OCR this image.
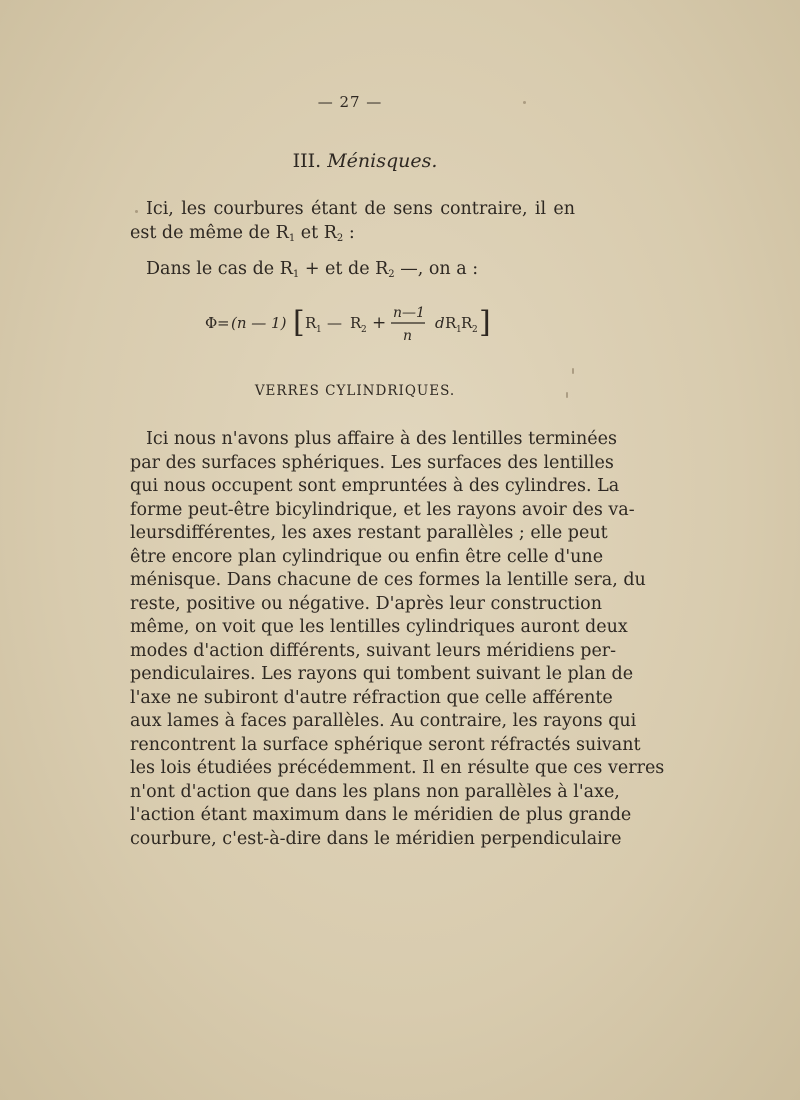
— 27 —
III. Ménisques.
Ici, les courbures étant de sens contraire, il en est de même de $R_1$ et $R_2$ :
Dans le cas de $R_1$ + et de $R_2$ —, on a :
Φ = (n — 1) [ R 1 — R 2 + n—1
n
d R 1 R 2 ]
VERRES CYLINDRIQUES.
Ici nous n'avons plus affaire à des lentilles terminées
par des surfaces sphériques. Les surfaces des lentilles
qui nous occupent sont empruntées à des cylindres. La
forme peut-être bicylindrique, et les rayons avoir des va-
leursdifférentes, les axes restant parallèles ; elle peut
être encore plan cylindrique ou enfin être celle d'une
ménisque. Dans chacune de ces formes la lentille sera, du
reste, positive ou négative. D'après leur construction
même, on voit que les lentilles cylindriques auront deux
modes d'action différents, suivant leurs méridiens per-
pendiculaires. Les rayons qui tombent suivant le plan de
l'axe ne subiront d'autre réfraction que celle afférente
aux lames à faces parallèles. Au contraire, les rayons qui
rencontrent la surface sphérique seront réfractés suivant
les lois étudiées précédemment. Il en résulte que ces verres
n'ont d'action que dans les plans non parallèles à l'axe,
l'action étant maximum dans le méridien de plus grande
courbure, c'est-à-dire dans le méridien perpendiculaire
